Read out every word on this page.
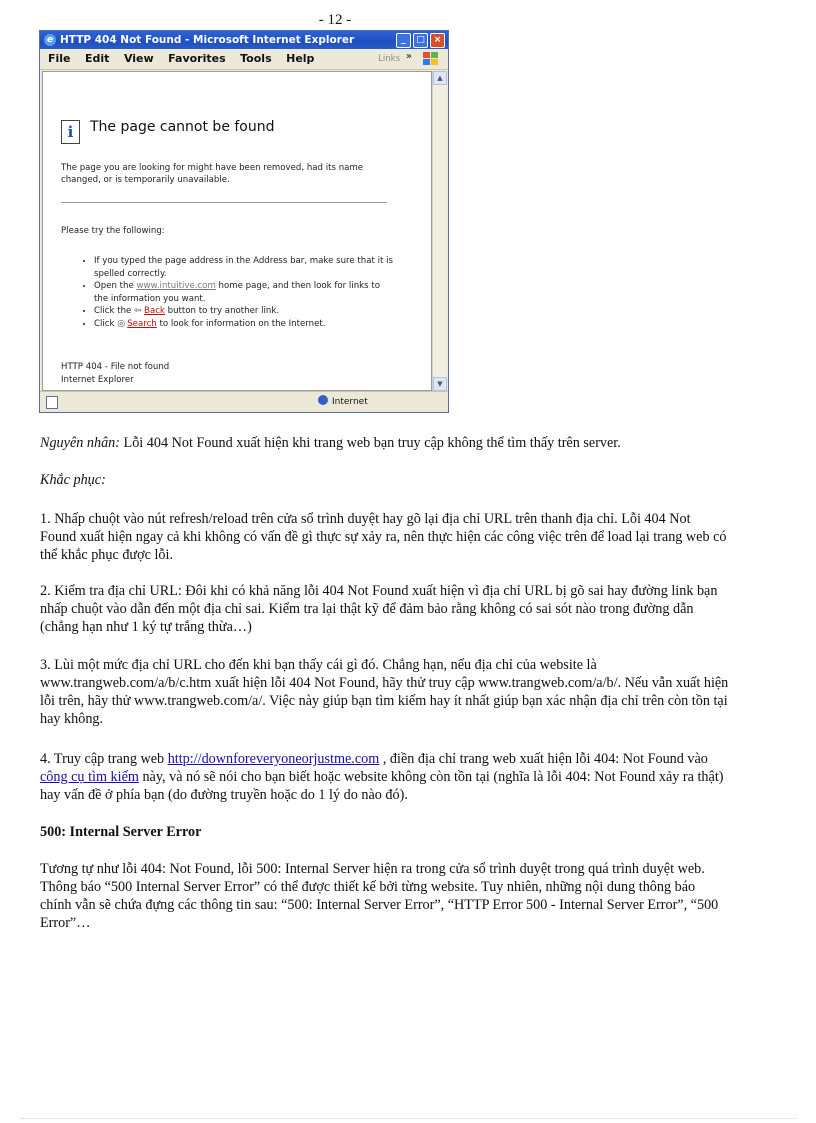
- 12 -
e HTTP 404 Not Found - Microsoft Internet Explorer	_	□ ×
File Edit View Favorites Tools Help	Links »
i	The page cannot be found
The page you are looking for might have been removed, had its name changed, or is temporarily unavailable.
Please try the following:
• If you typed the page address in the Address bar, make sure that it is spelled correctly.
• Open the www.intuitive.com home page, and then look for links to the information you want.
• Click the ⇦ Back button to try another link.
• Click ◎ Search to look for information on the Internet.
HTTP 404 - File not found
Internet Explorer
▲
▼
Internet
Nguyên nhân: Lỗi 404 Not Found xuất hiện khi trang web bạn truy cập không thể tìm thấy trên server.
Khắc phục:
1. Nhấp chuột vào nút refresh/reload trên cửa sổ trình duyệt hay gõ lại địa chỉ URL trên thanh địa chỉ. Lỗi 404 Not Found xuất hiện ngay cả khi không có vấn đề gì thực sự xảy ra, nên thực hiện các công việc trên để load lại trang web có thể khắc phục được lỗi.
2. Kiểm tra địa chỉ URL: Đôi khi có khả năng lỗi 404 Not Found xuất hiện vì địa chỉ URL bị gõ sai hay đường link bạn nhấp chuột vào dẫn đến một địa chỉ sai. Kiểm tra lại thật kỹ để đảm bảo rằng không có sai sót nào trong đường dẫn (chẳng hạn như 1 ký tự trắng thừa…)
3. Lùi một mức địa chỉ URL cho đến khi bạn thấy cái gì đó. Chẳng hạn, nếu địa chỉ của website là www.trangweb.com/a/b/c.htm xuất hiện lỗi 404 Not Found, hãy thử truy cập www.trangweb.com/a/b/. Nếu vẫn xuất hiện lỗi trên, hãy thử www.trangweb.com/a/. Việc này giúp bạn tìm kiếm hay ít nhất giúp bạn xác nhận địa chỉ trên còn tồn tại hay không.
4. Truy cập trang web http://downforeveryoneorjustme.com , điền địa chỉ trang web xuất hiện lỗi 404: Not Found vào công cụ tìm kiếm này, và nó sẽ nói cho bạn biết hoặc website không còn tồn tại (nghĩa là lỗi 404: Not Found xảy ra thật) hay vấn đề ở phía bạn (do đường truyền hoặc do 1 lý do nào đó).
500: Internal Server Error
Tương tự như lỗi 404: Not Found, lỗi 500: Internal Server hiện ra trong cửa sổ trình duyệt trong quá trình duyệt web. Thông báo “500 Internal Server Error” có thể được thiết kế bởi từng website. Tuy nhiên, những nội dung thông báo chính vẫn sẽ chứa đựng các thông tin sau: “500: Internal Server Error”, “HTTP Error 500 - Internal Server Error”, “500 Error”…
